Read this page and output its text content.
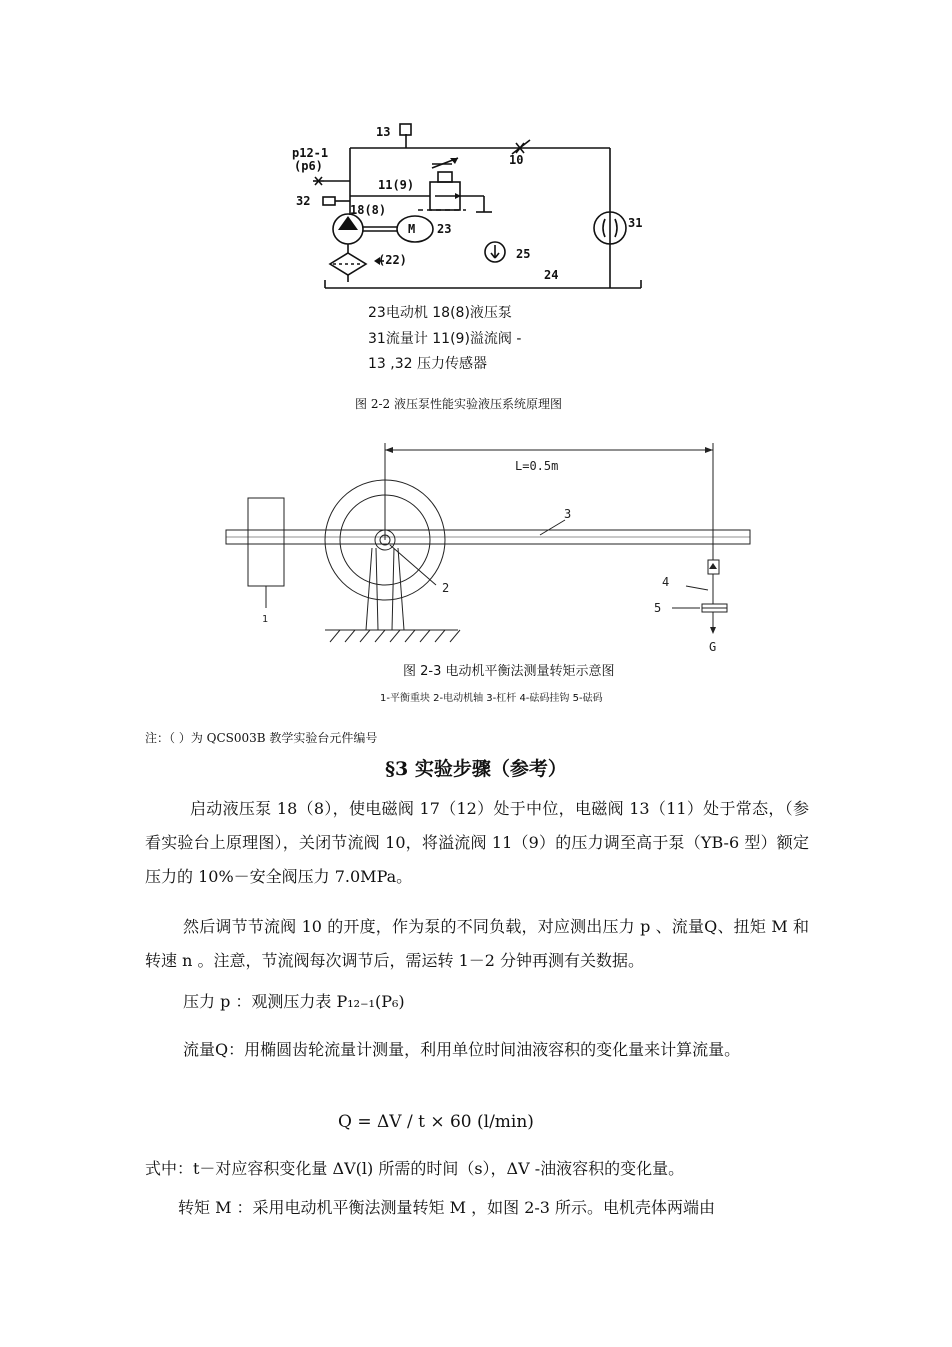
13
10
p12-1
(p6)
11(9)
32
18(8)
M 23	31
25
(22)
24
23电动机 18(8)液压泵
31流量计 11(9)溢流阀 -
13 ,32 压力传感器
图 2-2 液压泵性能实验液压系统原理图
L=0.5m
1
2
3
4
5
G
图 2-3 电动机平衡法测量转矩示意图
1-平衡重块 2-电动机轴 3-杠杆 4-砝码挂钩 5-砝码
注：（ ）为 QCS003B 教学实验台元件编号
§3 实验步骤（参考）
启动液压泵 18（8），使电磁阀 17（12）处于中位，电磁阀 13（11）处于常态，（参看实验台上原理图），关闭节流阀 10，将溢流阀 11（9）的压力调至高于泵（YB-6 型）额定压力的 10%－安全阀压力 7.0MPa。
然后调节节流阀 10 的开度，作为泵的不同负载，对应测出压力 p 、流量Q、扭矩 M 和转速 n 。注意，节流阀每次调节后，需运转 1－2 分钟再测有关数据。
压力 p ：观测压力表 P₁₂₋₁(P₆)
流量Q：用椭圆齿轮流量计测量，利用单位时间油液容积的变化量来计算流量。
Q = ΔV / t × 60 (l/min)
式中：t－对应容积变化量 ΔV(l) 所需的时间（s），ΔV -油液容积的变化量。
转矩 M ：采用电动机平衡法测量转矩 M ，如图 2-3 所示。电机壳体两端由
